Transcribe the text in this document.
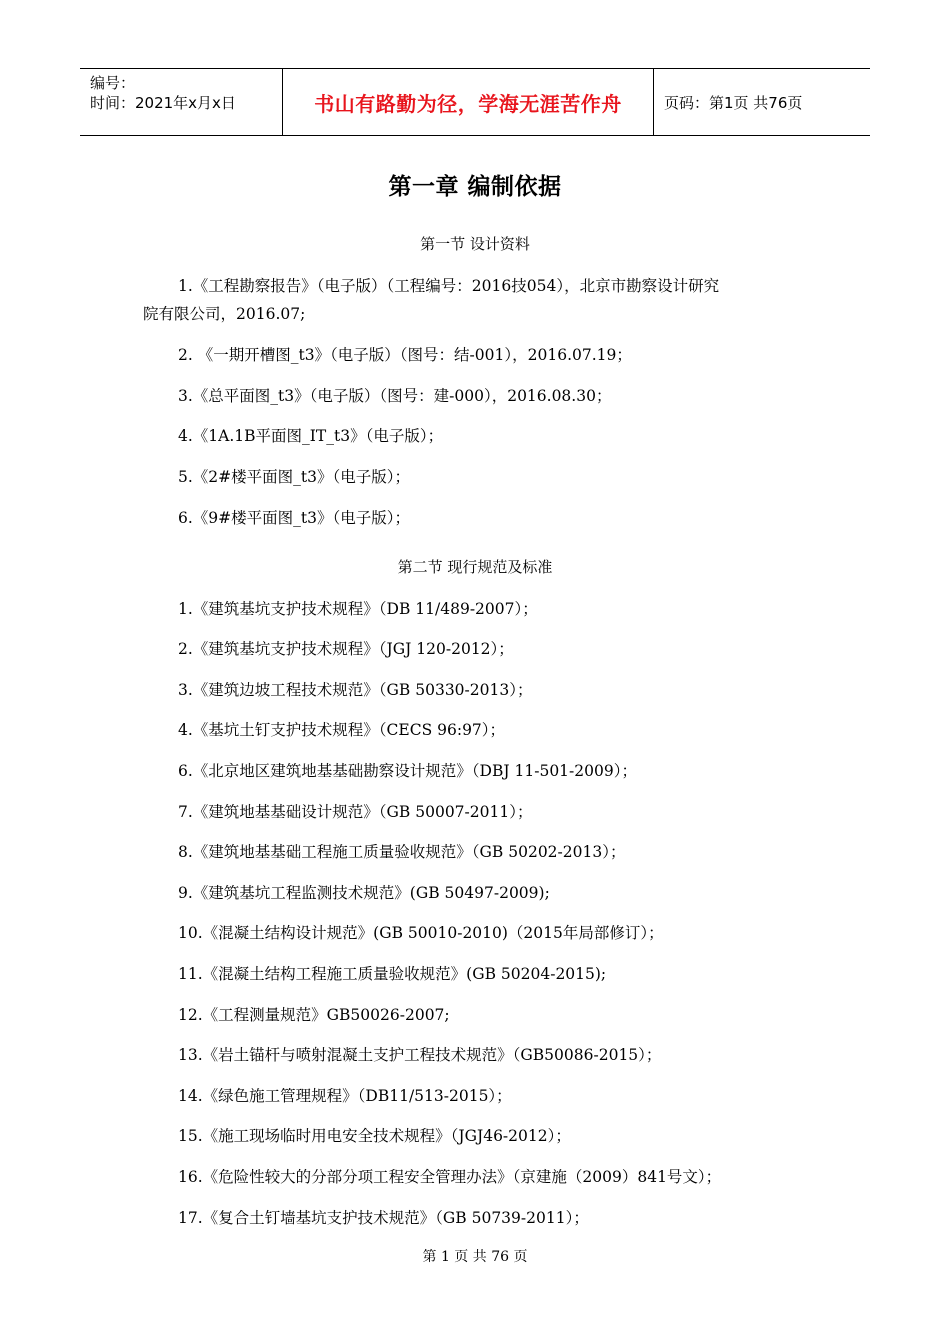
编号：
时间：2021年x月x日	书山有路勤为径，学海无涯苦作舟	页码：第1页 共76页
第一章 编制依据
第一节 设计资料
1.《工程勘察报告》（电子版）（工程编号：2016技054），北京市勘察设计研究
院有限公司，2016.07;
2. 《一期开槽图_t3》（电子版）（图号：结-001），2016.07.19；
3.《总平面图_t3》（电子版）（图号：建-000），2016.08.30；
4.《1A.1B平面图_IT_t3》（电子版）；
5.《2#楼平面图_t3》（电子版）；
6.《9#楼平面图_t3》（电子版）；
第二节 现行规范及标准
1.《建筑基坑支护技术规程》（DB 11/489-2007）；
2.《建筑基坑支护技术规程》（JGJ 120-2012）；
3.《建筑边坡工程技术规范》（GB 50330-2013）；
4.《基坑土钉支护技术规程》（CECS 96:97）；
6.《北京地区建筑地基基础勘察设计规范》（DBJ 11-501-2009）；
7.《建筑地基基础设计规范》（GB 50007-2011）；
8.《建筑地基基础工程施工质量验收规范》（GB 50202-2013）；
9.《建筑基坑工程监测技术规范》(GB 50497-2009);
10.《混凝土结构设计规范》(GB 50010-2010)（2015年局部修订）；
11.《混凝土结构工程施工质量验收规范》(GB 50204-2015);
12.《工程测量规范》GB50026-2007;
13.《岩土锚杆与喷射混凝土支护工程技术规范》（GB50086-2015）；
14.《绿色施工管理规程》（DB11/513-2015）；
15.《施工现场临时用电安全技术规程》（JGJ46-2012）；
16.《危险性较大的分部分项工程安全管理办法》（京建施（2009）841号文）；
17.《复合土钉墙基坑支护技术规范》（GB 50739-2011）；
第 1 页 共 76 页
